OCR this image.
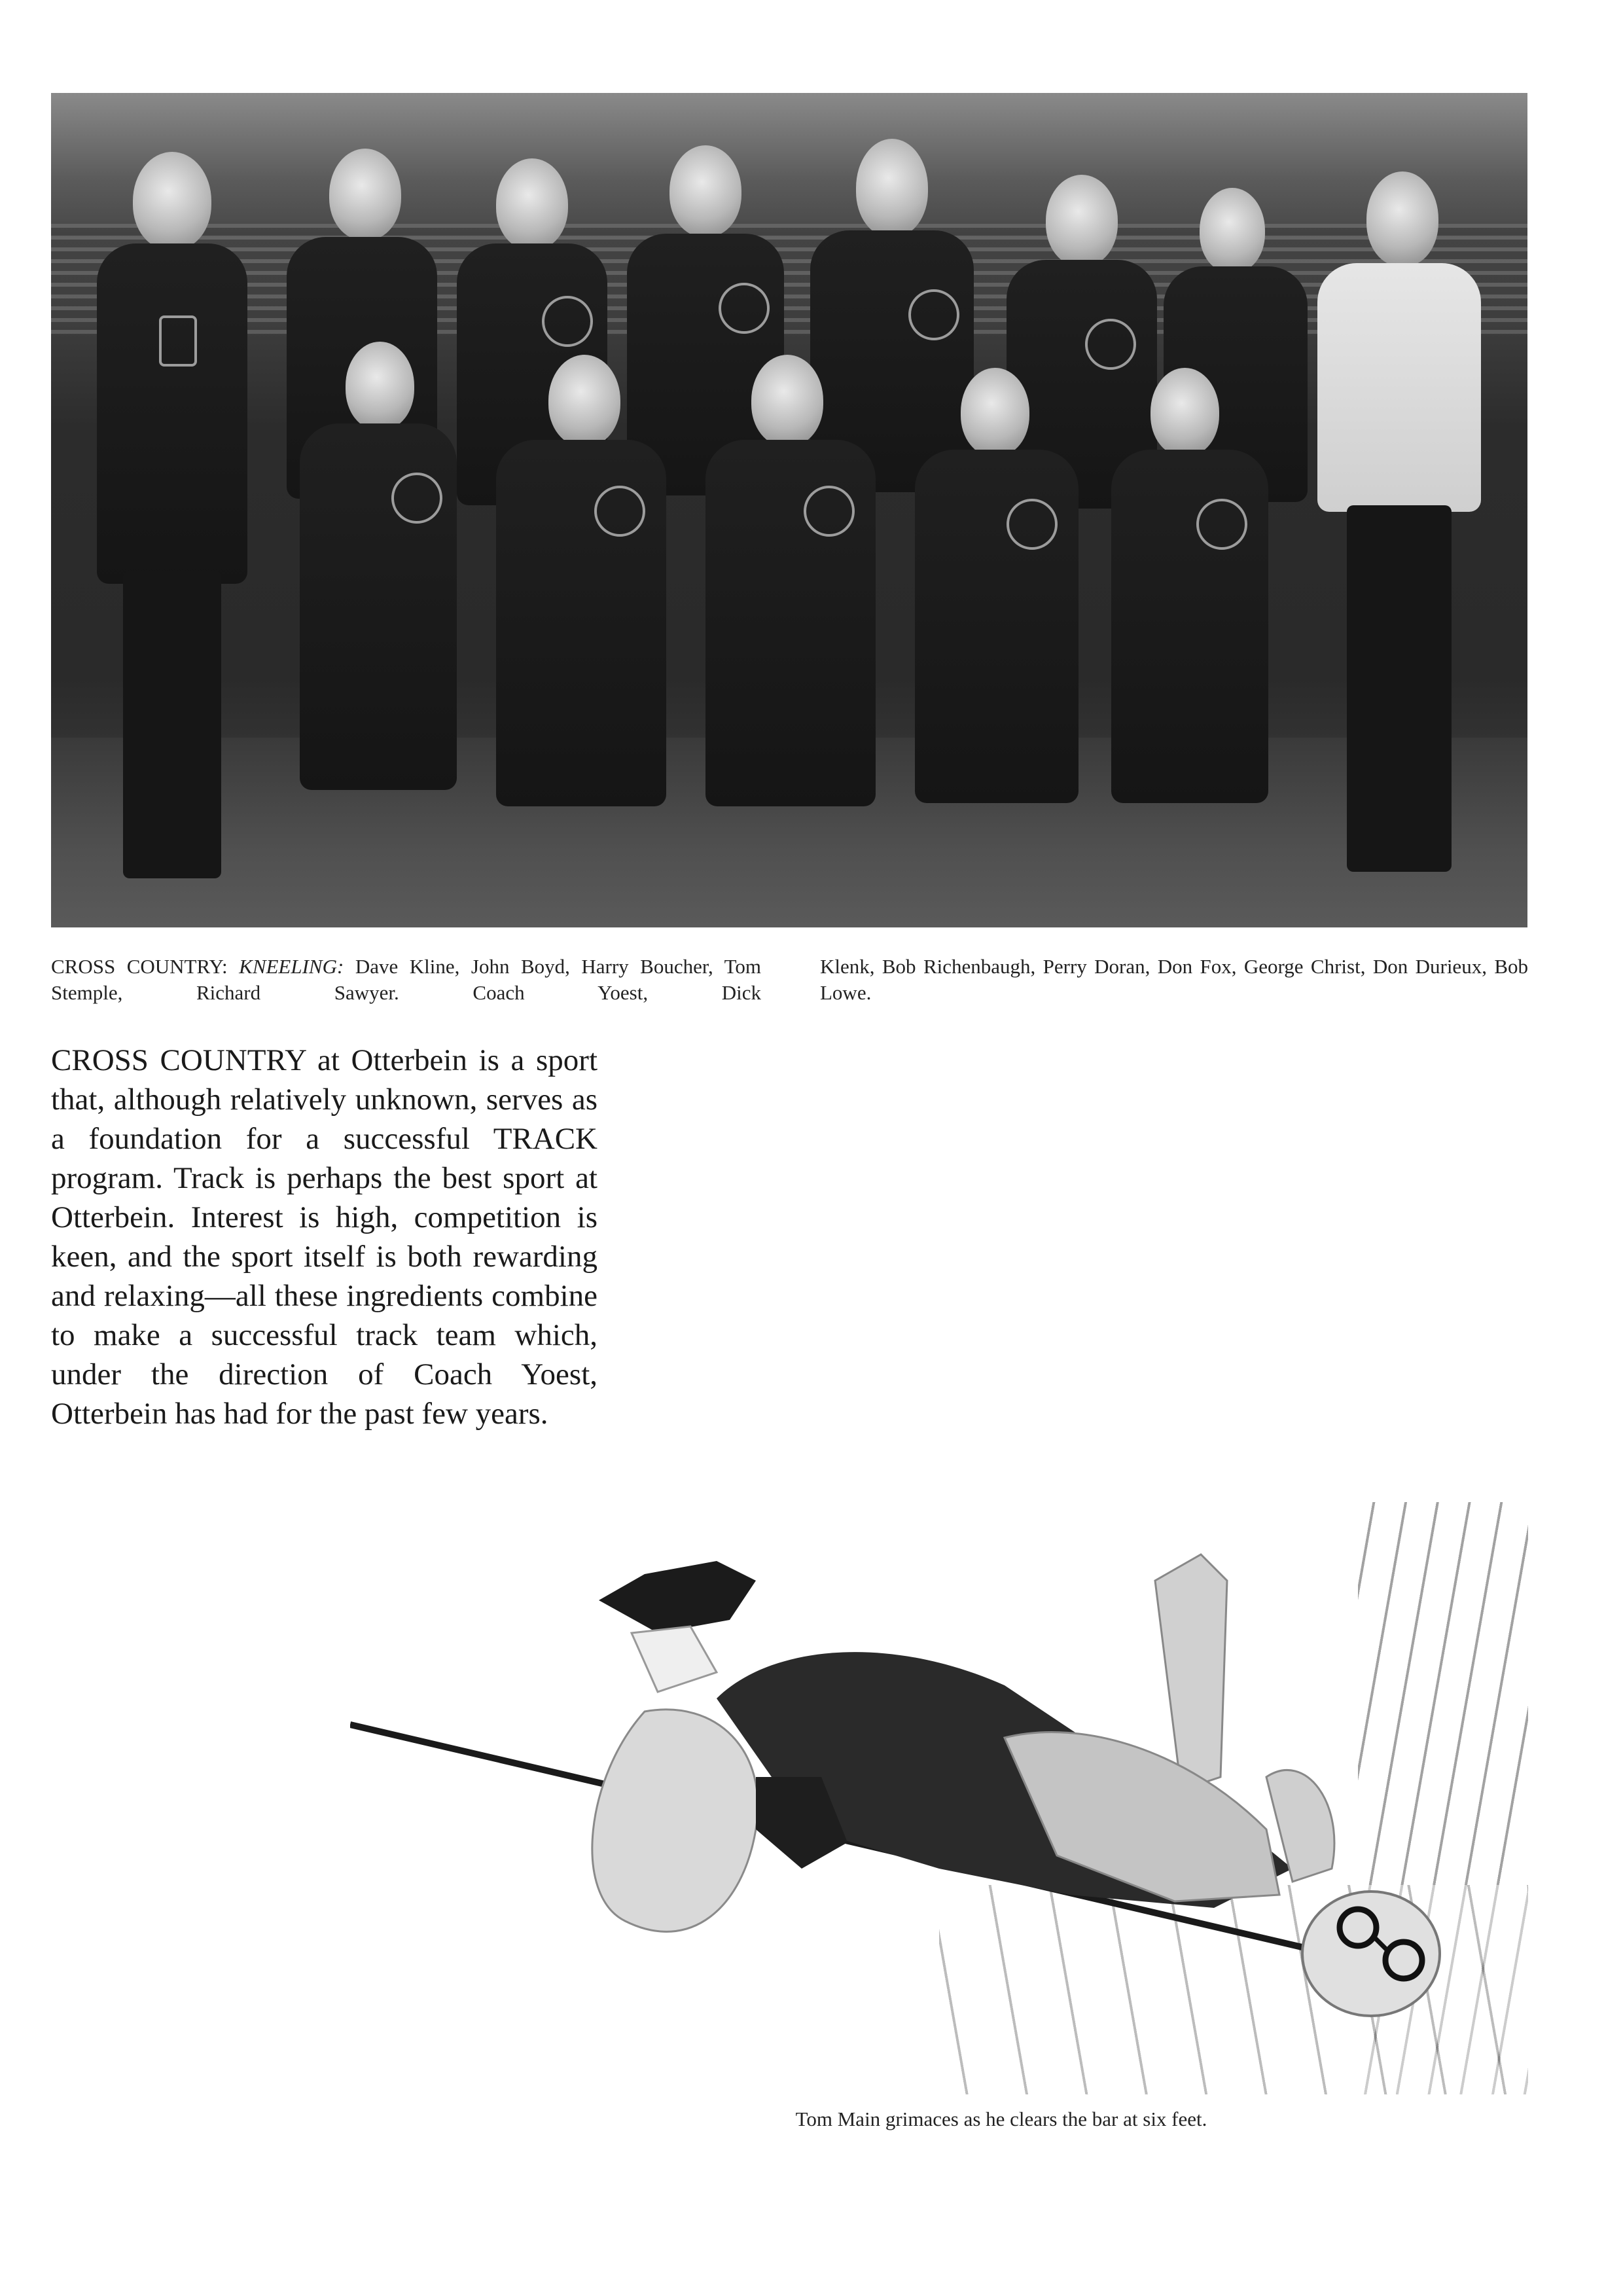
CROSS COUNTRY: KNEELING: Dave Kline, John Boyd, Harry Boucher, Tom Stemple, Richard Sawyer. Coach Yoest, Dick

Klenk, Bob Richenbaugh, Perry Doran, Don Fox, George Christ, Don Durieux, Bob Lowe.

CROSS COUNTRY at Otterbein is a sport that, although relatively unknown, serves as a foundation for a successful TRACK program. Track is perhaps the best sport at Otterbein. Interest is high, competition is keen, and the sport itself is both rewarding and relaxing—all these ingredients combine to make a successful track team which, under the direction of Coach Yoest, Otterbein has had for the past few years.

Tom Main grimaces as he clears the bar at six feet.
